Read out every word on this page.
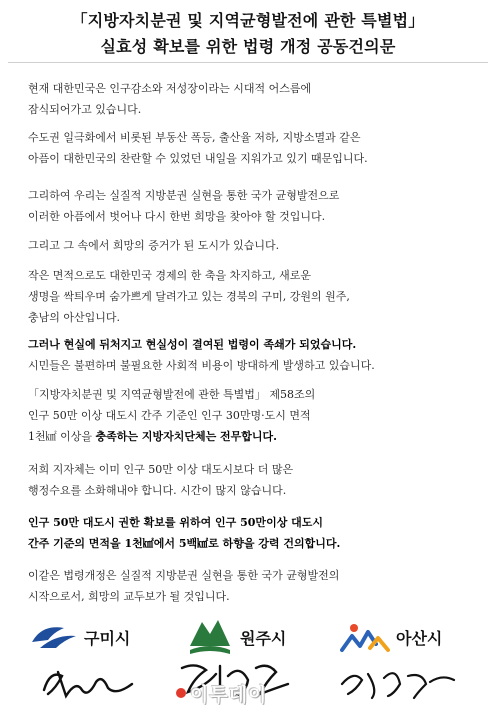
「지방자치분권 및 지역균형발전에 관한 특별법」
실효성 확보를 위한 법령 개정 공동건의문
현재 대한민국은 인구감소와 저성장이라는 시대적 어스름에
잠식되어가고 있습니다.
수도권 일극화에서 비롯된 부동산 폭등, 출산율 저하, 지방소멸과 같은
아픔이 대한민국의 찬란할 수 있었던 내일을 지워가고 있기 때문입니다.
그리하여 우리는 실질적 지방분권 실현을 통한 국가 균형발전으로
이러한 아픔에서 벗어나 다시 한번 희망을 찾아야 할 것입니다.
그리고 그 속에서 희망의 증거가 된 도시가 있습니다.
작은 면적으로도 대한민국 경제의 한 축을 차지하고, 새로운
생명을 싹틔우며 숨가쁘게 달려가고 있는 경북의 구미, 강원의 원주,
충남의 아산입니다.
그러나 현실에 뒤처지고 현실성이 결여된 법령이 족쇄가 되었습니다.
시민들은 불편하며 불필요한 사회적 비용이 방대하게 발생하고 있습니다.
「지방자치분권 및 지역균형발전에 관한 특별법」 제58조의
인구 50만 이상 대도시 간주 기준인 인구 30만명·도시 면적
1천㎢ 이상을 충족하는 지방자치단체는 전무합니다.
저희 지자체는 이미 인구 50만 이상 대도시보다 더 많은
행정수요를 소화해내야 합니다. 시간이 많지 않습니다.
인구 50만 대도시 권한 확보를 위하여 인구 50만이상 대도시
간주 기준의 면적을 1천㎢에서 5백㎢로 하향을 강력 건의합니다.
이같은 법령개정은 실질적 지방분권 실현을 통한 국가 균형발전의
시작으로서, 희망의 교두보가 될 것입니다.
구미시	원주시	아산시
이투데이
